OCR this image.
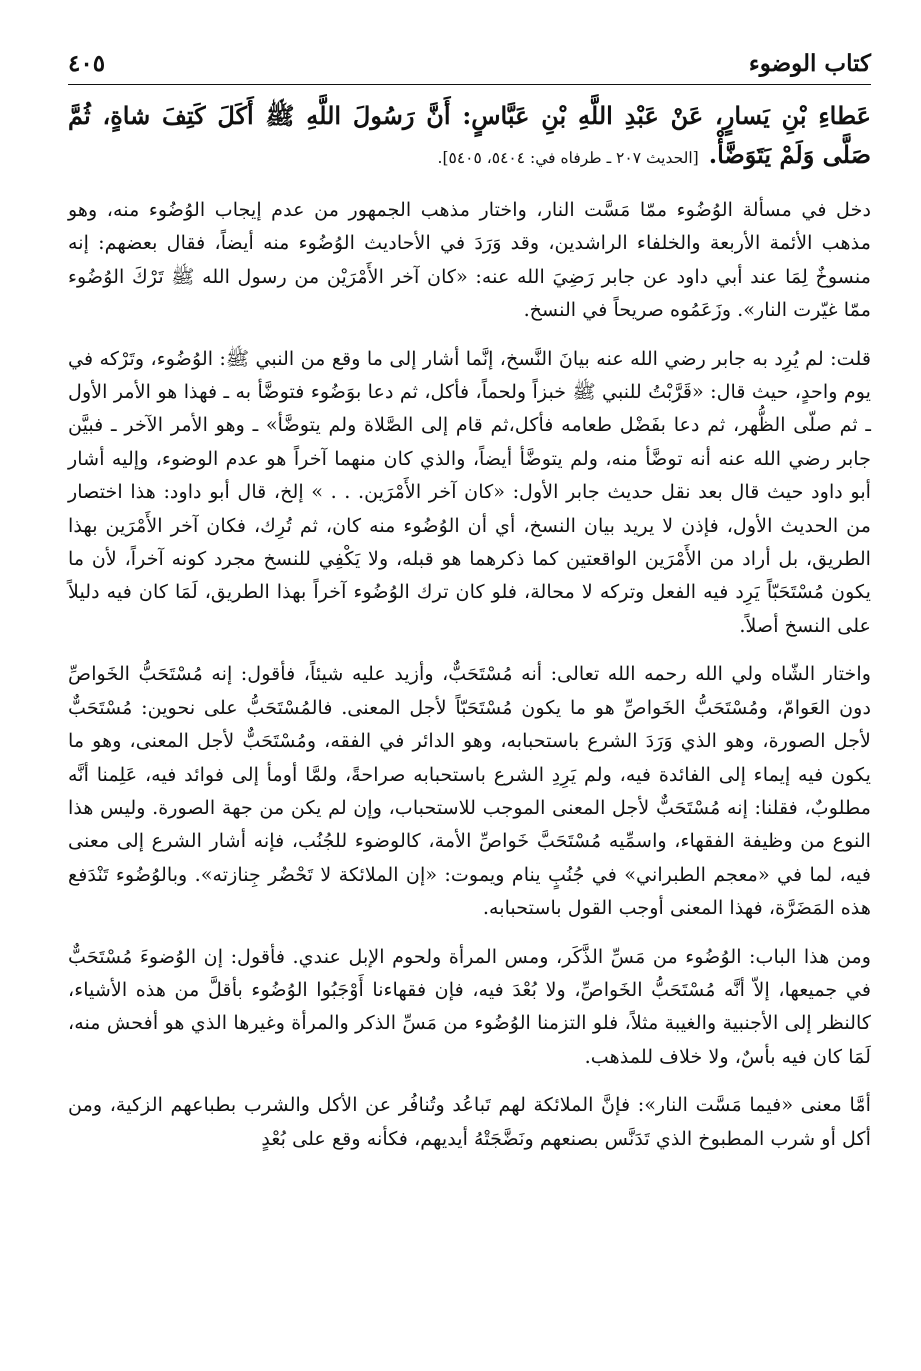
كتاب الوضوء
٤٠٥

عَطاءِ بْنِ يَسارٍ، عَنْ عَبْدِ اللَّهِ بْنِ عَبَّاسٍ: أَنَّ رَسُولَ اللَّهِ ﷺ أَكَلَ كَتِفَ شاةٍ، ثُمَّ صَلَّى وَلَمْ يَتَوَضَّأْ.[الحديث ٢٠٧ ـ طرفاه في: ٥٤٠٤، ٥٤٠٥].

دخل في مسألة الوُضُوء ممّا مَسَّت النار، واختار مذهب الجمهور من عدم إيجاب الوُضُوء منه، وهو مذهب الأئمة الأربعة والخلفاء الراشدين، وقد وَرَدَ في الأحاديث الوُضُوء منه أيضاً، فقال بعضهم: إنه منسوخٌ لِمَا عند أبي داود عن جابر رَضِيَ الله عنه: «كان آخر الأَمْرَيْن من رسول الله ﷺ تَرْكَ الوُضُوء ممّا غيّرت النار». وزَعَمُوه صريحاً في النسخ.

قلت: لم يُرِد به جابر رضي الله عنه بيانَ النَّسخ، إنَّما أشار إلى ما وقع من النبي ﷺ: الوُضُوء، وتَرْكه في يوم واحدٍ، حيث قال: «قَرَّبْتُ للنبي ﷺ خبزاً ولحماً، فأكل، ثم دعا بوَضُوء فتوضَّأ به ـ فهذا هو الأمر الأول ـ ثم صلّى الظُّهر، ثم دعا بفَضْل طعامه فأكل،ثم قام إلى الصَّلاة ولم يتوضَّأ» ـ وهو الأمر الآخر ـ فبيَّن جابر رضي الله عنه أنه توضَّأ منه، ولم يتوضَّأ أيضاً، والذي كان منهما آخراً هو عدم الوضوء، وإليه أشار أبو داود حيث قال بعد نقل حديث جابر الأول: «كان آخر الأَمْرَين. . . » إلخ، قال أبو داود: هذا اختصار من الحديث الأول، فإذن لا يريد بيان النسخ، أي أن الوُضُوء منه كان، ثم تُرِك، فكان آخر الأَمْرَين بهذا الطريق، بل أراد من الأَمْرَين الواقعتين كما ذكرهما هو قبله، ولا يَكْفِي للنسخ مجرد كونه آخراً، لأن ما يكون مُسْتَحَبّاً يَرِد فيه الفعل وتركه لا محالة، فلو كان ترك الوُضُوء آخراً بهذا الطريق، لَمَا كان فيه دليلاً على النسخ أصلاً.

واختار الشّاه ولي الله رحمه الله تعالى: أنه مُسْتَحَبٌّ، وأزيد عليه شيئاً، فأقول: إنه مُسْتَحَبُّ الخَواصِّ دون العَوامّ، ومُسْتَحَبُّ الخَواصِّ هو ما يكون مُسْتَحَبّاً لأجل المعنى. فالمُسْتَحَبُّ على نحوين: مُسْتَحَبٌّ لأجل الصورة، وهو الذي وَرَدَ الشرع باستحبابه، وهو الدائر في الفقه، ومُسْتَحَبٌّ لأجل المعنى، وهو ما يكون فيه إيماء إلى الفائدة فيه، ولم يَرِدِ الشرع باستحبابه صراحةً، ولمَّا أومأ إلى فوائد فيه، عَلِمنا أنَّه مطلوبٌ، فقلنا: إنه مُسْتَحَبٌّ لأجل المعنى الموجب للاستحباب، وإن لم يكن من جهة الصورة. وليس هذا النوع من وظيفة الفقهاء، واسمِّيه مُسْتَحَبَّ خَواصِّ الأمة، كالوضوء للجُنُب، فإنه أشار الشرع إلى معنى فيه، لما في «معجم الطبراني» في جُنُبٍ ينام ويموت: «إن الملائكة لا تَحْضُر جِنازته». وبالوُضُوء تَنْدَفع هذه المَضَرَّة، فهذا المعنى أوجب القول باستحبابه.

ومن هذا الباب: الوُضُوء من مَسِّ الذَّكَر، ومس المرأة ولحوم الإبل عندي. فأقول: إن الوُضوءَ مُسْتَحَبٌّ في جميعها، إلاّ أنَّه مُسْتَحَبُّ الخَواصِّ، ولا بُعْدَ فيه، فإن فقهاءنا أَوْجَبُوا الوُضُوء بأقلَّ من هذه الأشياء، كالنظر إلى الأجنبية والغيبة مثلاً، فلو التزمنا الوُضُوء من مَسِّ الذكر والمرأة وغيرها الذي هو أفحش منه، لَمَا كان فيه بأسٌ، ولا خلاف للمذهب.

أمَّا معنى «فيما مَسَّت النار»: فإنَّ الملائكة لهم تَباعُد وتُنافُر عن الأكل والشرب بطباعهم الزكية، ومن أكل أو شرب المطبوخ الذي تَدَنَّس بصنعهم ونَضَّجَتْهُ أيديهم، فكأنه وقع على بُعْدٍ
